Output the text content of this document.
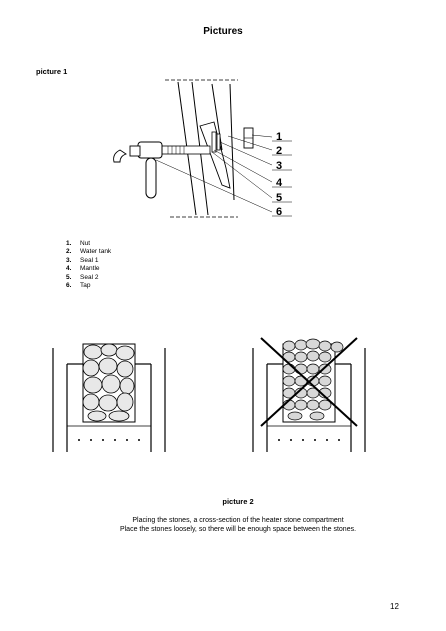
Pictures
picture 1
1
2
3
4
5
6
1.	Nut
2.	Water tank
3.	Seal 1
4.	Mantle
5.	Seal 2
6.	Tap
picture 2
Placing the stones, a cross-section of the heater stone compartment
Place the stones loosely, so there will be enough space between the stones.
12
